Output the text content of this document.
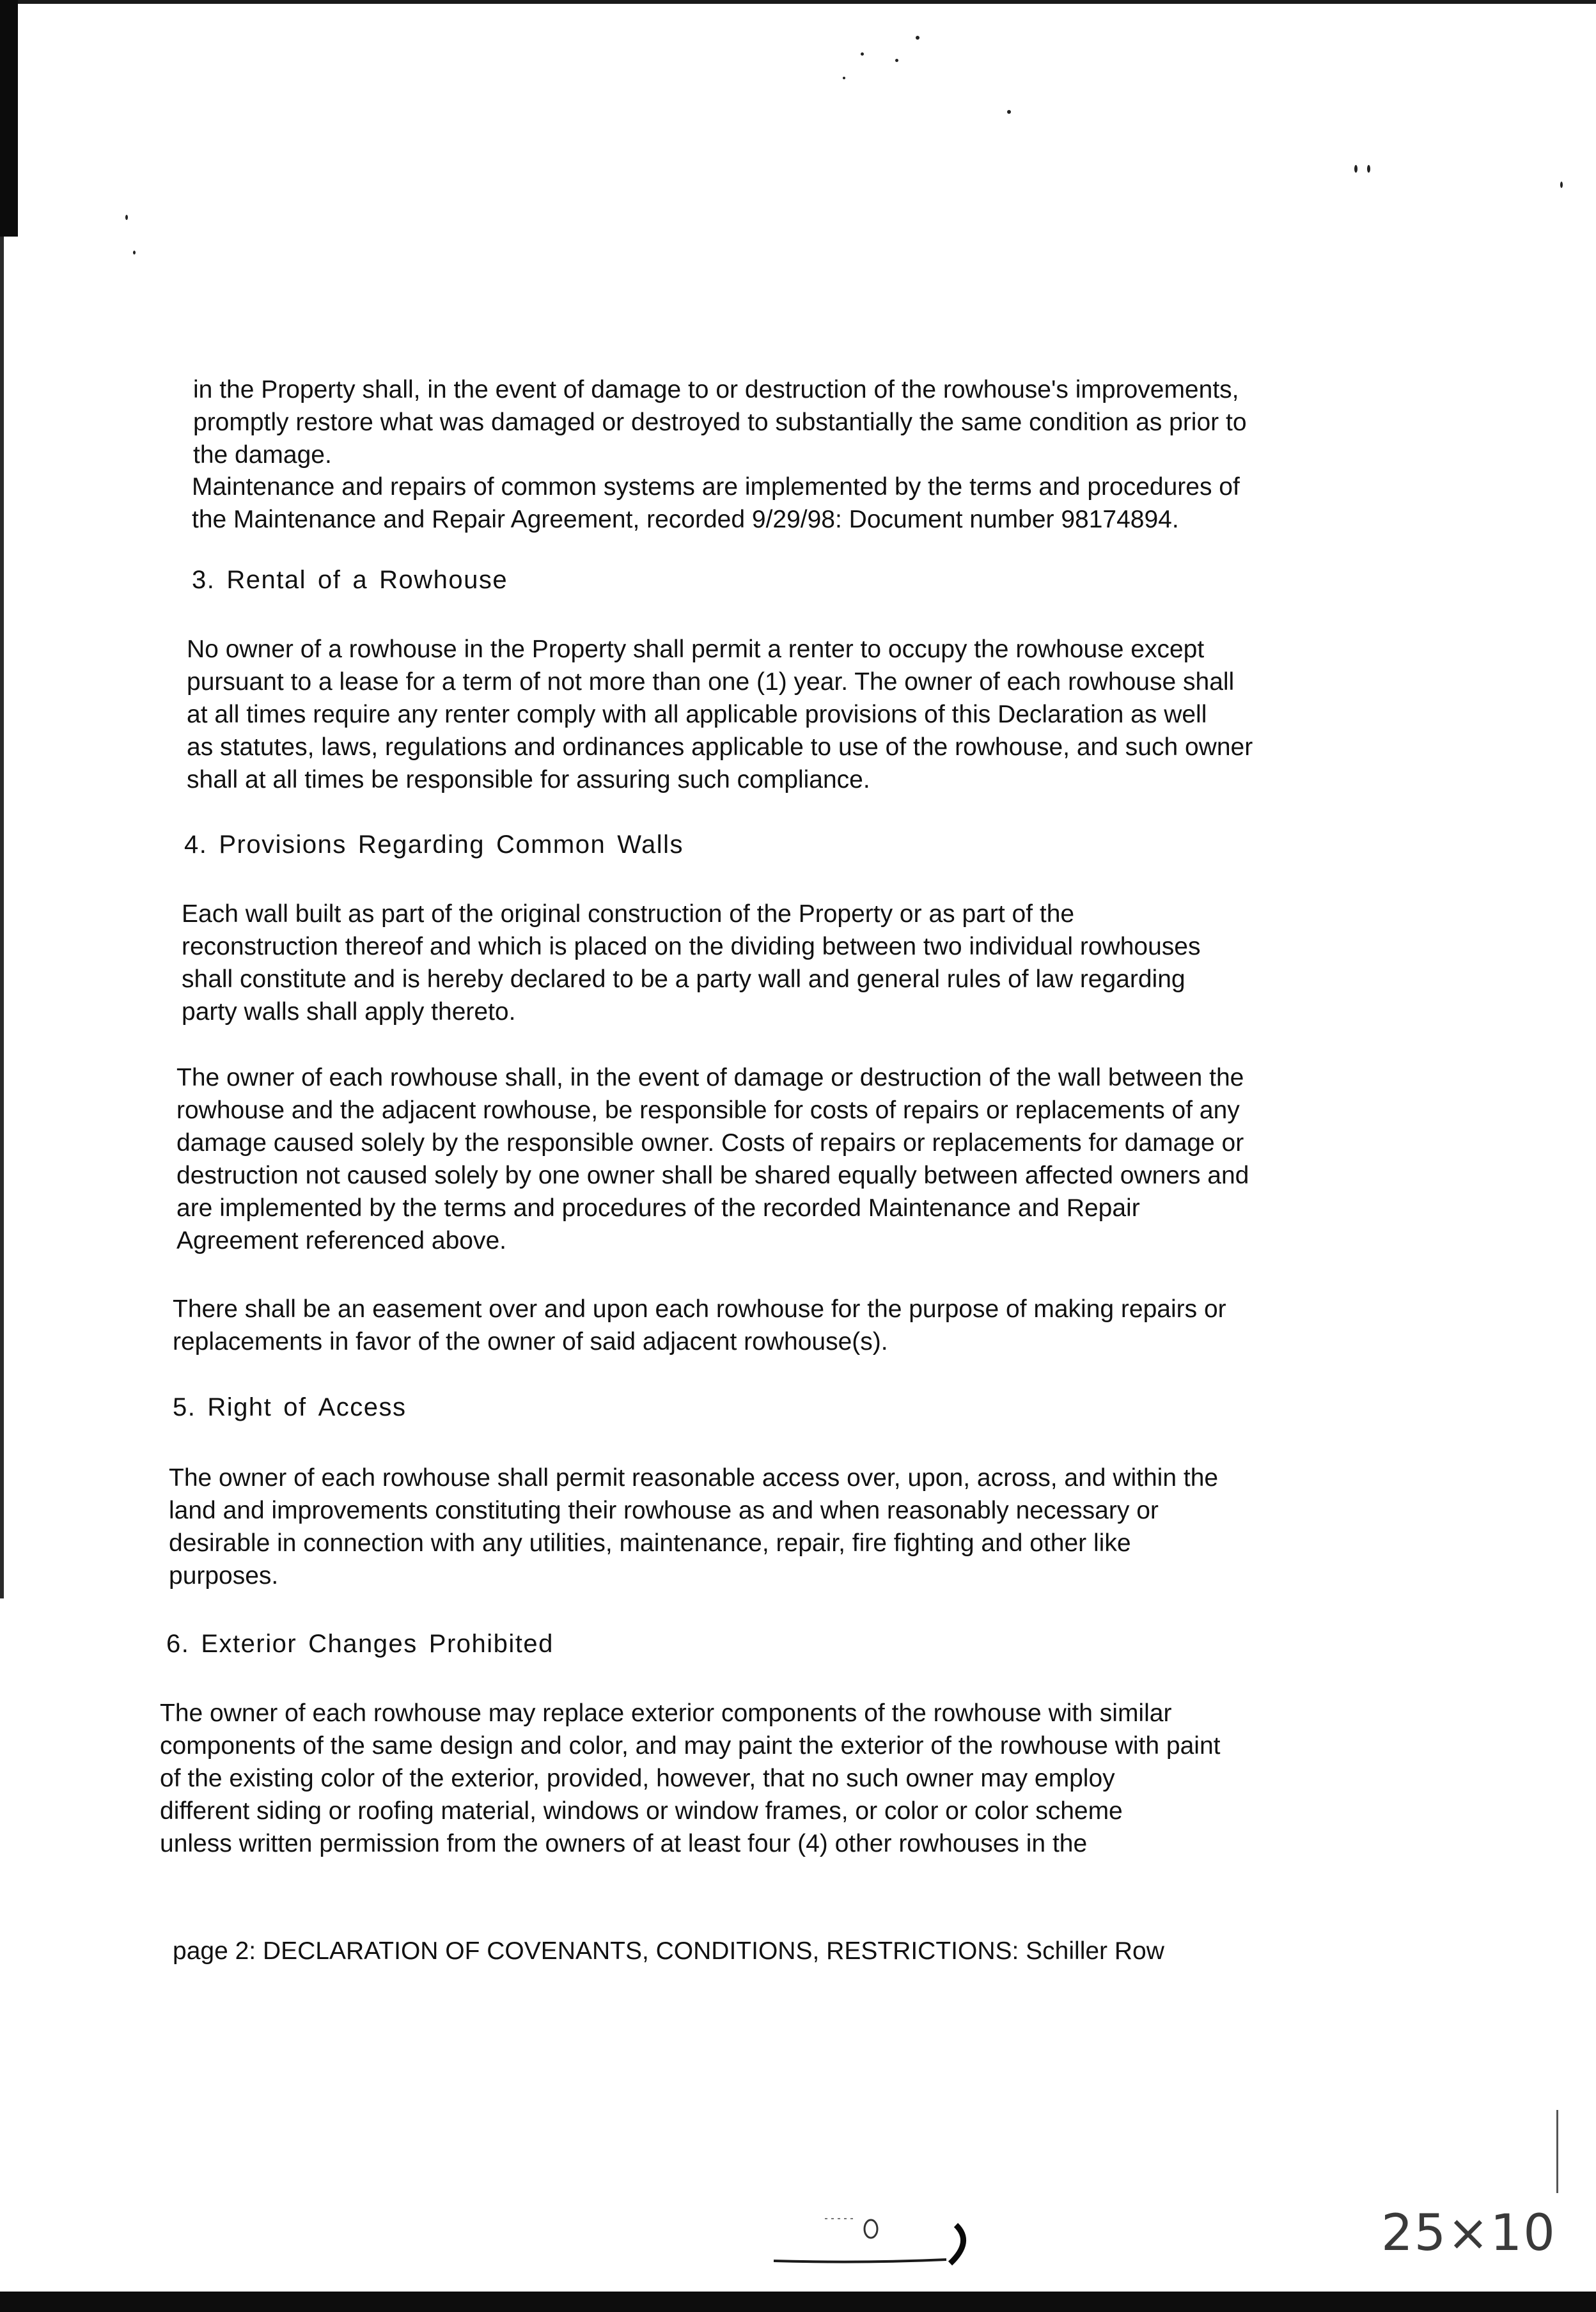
in the Property shall, in the event of damage to or destruction of the rowhouse's improvements,
promptly restore what was damaged or destroyed to substantially the same condition as prior to
the damage.
Maintenance and repairs of common systems are implemented by the terms and procedures of
the Maintenance and Repair Agreement, recorded 9/29/98: Document number 98174894.
3. Rental of a Rowhouse
No owner of a rowhouse in the Property shall permit a renter to occupy the rowhouse except
pursuant to a lease for a term of not more than one (1) year. The owner of each rowhouse shall
at all times require any renter comply with all applicable provisions of this Declaration as well
as statutes, laws, regulations and ordinances applicable to use of the rowhouse, and such owner
shall at all times be responsible for assuring such compliance.
4. Provisions Regarding Common Walls
Each wall built as part of the original construction of the Property or as part of the
reconstruction thereof and which is placed on the dividing between two individual rowhouses
shall constitute and is hereby declared to be a party wall and general rules of law regarding
party walls shall apply thereto.
The owner of each rowhouse shall, in the event of damage or destruction of the wall between the
rowhouse and the adjacent rowhouse, be responsible for costs of repairs or replacements of any
damage caused solely by the responsible owner. Costs of repairs or replacements for damage or
destruction not caused solely by one owner shall be shared equally between affected owners and
are implemented by the terms and procedures of the recorded Maintenance and Repair
Agreement referenced above.
There shall be an easement over and upon each rowhouse for the purpose of making repairs or
replacements in favor of the owner of said adjacent rowhouse(s).
5. Right of Access
The owner of each rowhouse shall permit reasonable access over, upon, across, and within the
land and improvements constituting their rowhouse as and when reasonably necessary or
desirable in connection with any utilities, maintenance, repair, fire fighting and other like
purposes.
6. Exterior Changes Prohibited
The owner of each rowhouse may replace exterior components of the rowhouse with similar
components of the same design and color, and may paint the exterior of the rowhouse with paint
of the existing color of the exterior, provided, however, that no such owner may employ
different siding or roofing material, windows or window frames, or color or color scheme
unless written permission from the owners of at least four (4) other rowhouses in the
page 2: DECLARATION OF COVENANTS, CONDITIONS, RESTRICTIONS: Schiller Row
25×10
